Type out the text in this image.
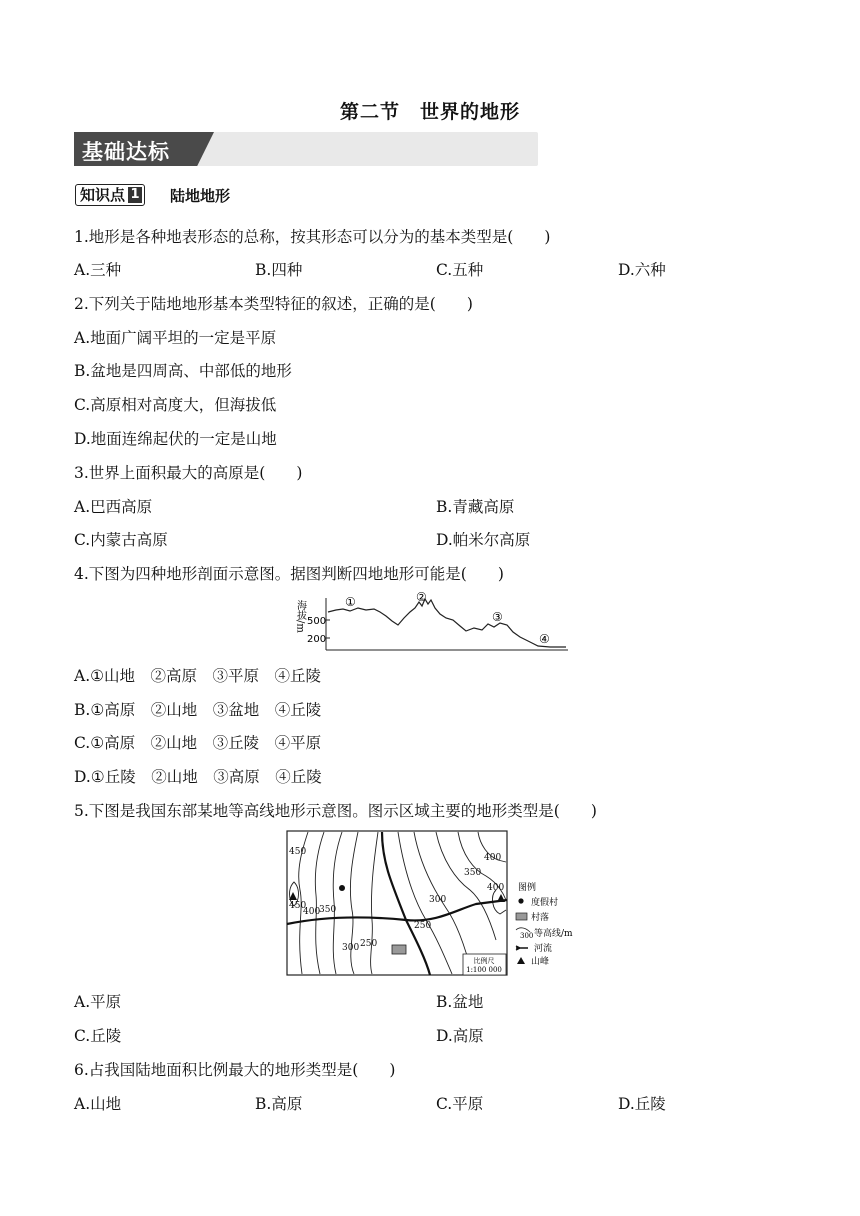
第二节　世界的地形
基础达标
知识点 1 陆地地形
1.地形是各种地表形态的总称，按其形态可以分为的基本类型是(　　)
A.三种	B.四种	C.五种	D.六种
2.下列关于陆地地形基本类型特征的叙述，正确的是(　　)
A.地面广阔平坦的一定是平原
B.盆地是四周高、中部低的地形
C.高原相对高度大，但海拔低
D.地面连绵起伏的一定是山地
3.世界上面积最大的高原是(　　)
A.巴西高原	B.青藏高原
C.内蒙古高原	D.帕米尔高原
4.下图为四种地形剖面示意图。据图判断四地地形可能是(　　)
海拔/m 500
200
①	②
③
④
A.①山地　②高原　③平原　④丘陵
B.①高原　②山地　③盆地　④丘陵
C.①高原　②山地　③丘陵　④平原
D.①丘陵　②山地　③高原　④丘陵
5.下图是我国东部某地等高线地形示意图。图示区域主要的地形类型是(　　)
450
450
400
350
300 250
250
300
350
400
400
比例尺
1:100 000
图例
度假村
村落
300 等高线/m
河流
山峰
A.平原	B.盆地
C.丘陵	D.高原
6.占我国陆地面积比例最大的地形类型是(　　)
A.山地	B.高原	C.平原	D.丘陵
